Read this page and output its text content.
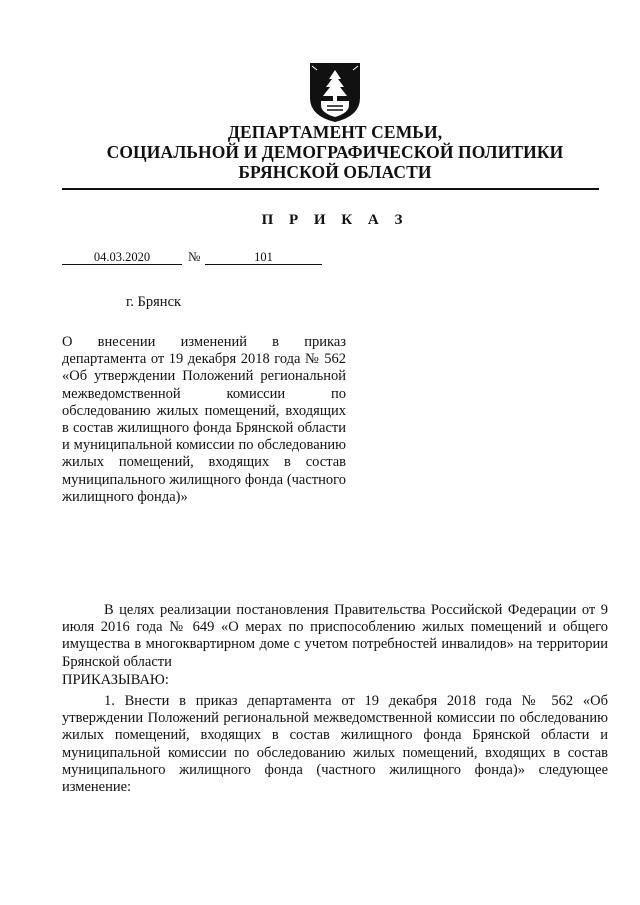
ДЕПАРТАМЕНТ СЕМЬИ,
СОЦИАЛЬНОЙ И ДЕМОГРАФИЧЕСКОЙ ПОЛИТИКИ
БРЯНСКОЙ ОБЛАСТИ
П Р И К А З
04.03.2020	№	101
г. Брянск
О внесении изменений в приказ департамента от 19 декабря 2018 года № 562 «Об утверждении Положений региональной межведомственной комиссии по обследованию жилых помещений, входящих в состав жилищного фонда Брянской области и муниципальной комиссии по обследованию жилых помещений, входящих в состав муниципального жилищного фонда (частного жилищного фонда)»
В целях реализации постановления Правительства Российской Федерации от 9 июля 2016 года № 649 «О мерах по приспособлению жилых помещений и общего имущества в многоквартирном доме с учетом потребностей инвалидов» на территории Брянской области
ПРИКАЗЫВАЮ:
1. Внести в приказ департамента от 19 декабря 2018 года № 562 «Об утверждении Положений региональной межведомственной комиссии по обследованию жилых помещений, входящих в состав жилищного фонда Брянской области и муниципальной комиссии по обследованию жилых помещений, входящих в состав муниципального жилищного фонда (частного жилищного фонда)» следующее изменение:
